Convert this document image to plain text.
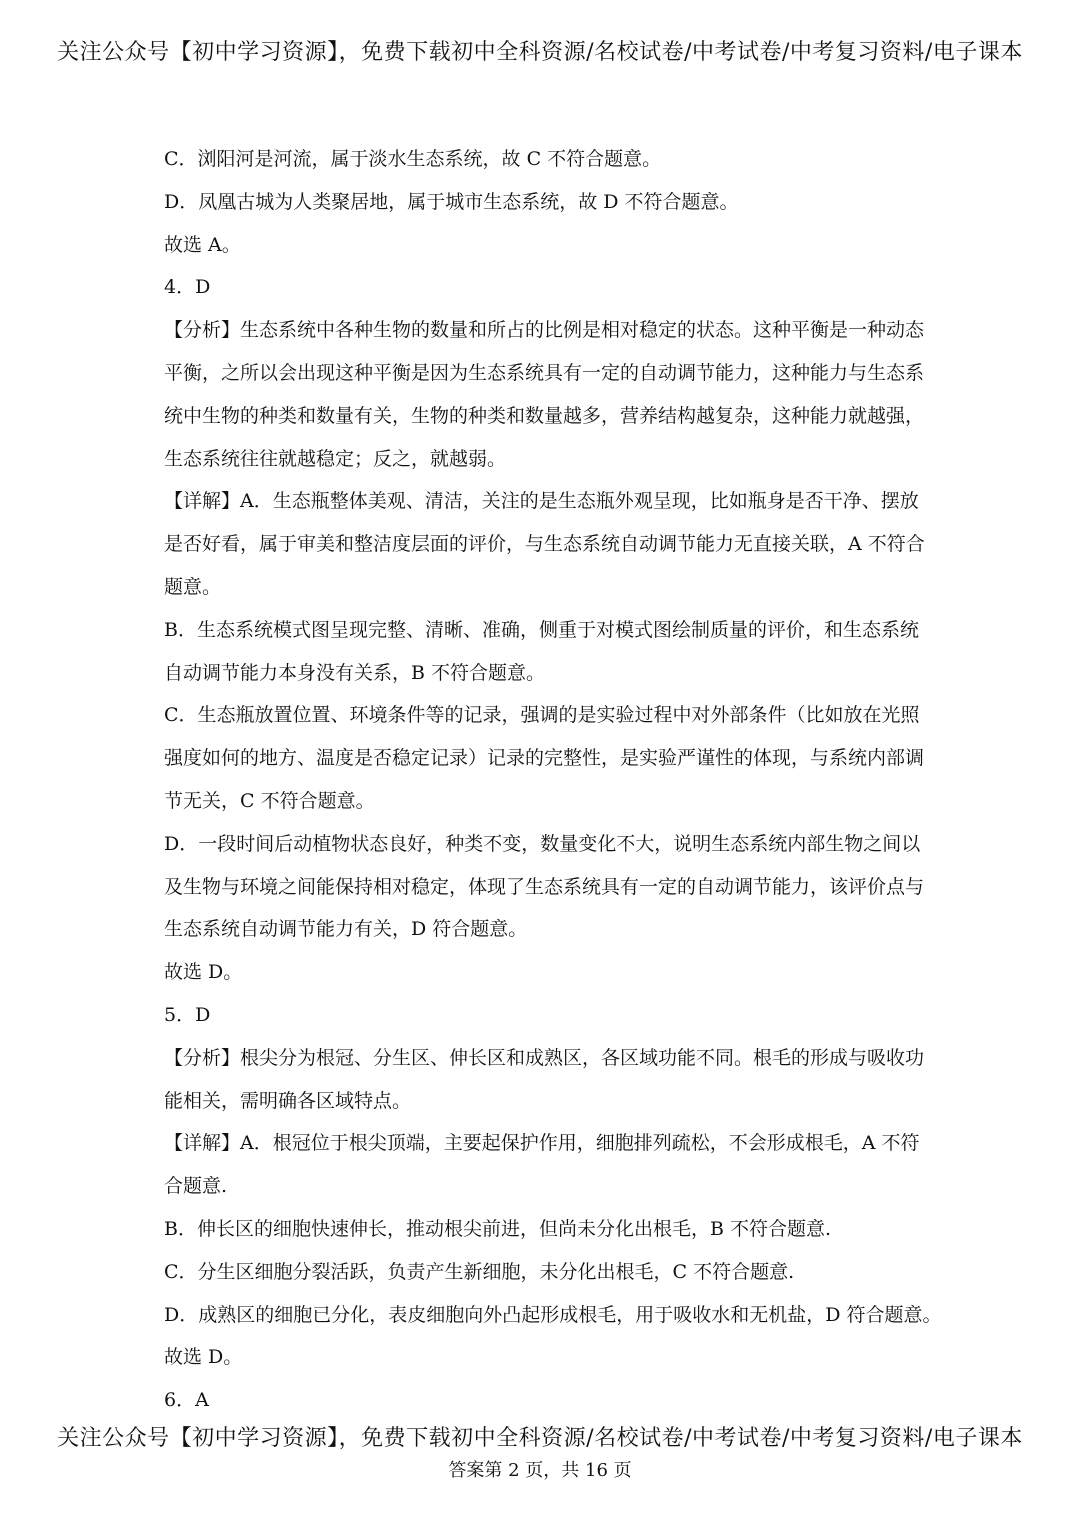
关注公众号【初中学习资源】，免费下载初中全科资源/名校试卷/中考试卷/中考复习资料/电子课本
C．浏阳河是河流，属于淡水生态系统，故 C 不符合题意。
D．凤凰古城为人类聚居地，属于城市生态系统，故 D 不符合题意。
故选 A。
4．D
【分析】生态系统中各种生物的数量和所占的比例是相对稳定的状态。这种平衡是一种动态
平衡，之所以会出现这种平衡是因为生态系统具有一定的自动调节能力，这种能力与生态系
统中生物的种类和数量有关，生物的种类和数量越多，营养结构越复杂，这种能力就越强，
生态系统往往就越稳定；反之，就越弱。
【详解】A．生态瓶整体美观、清洁，关注的是生态瓶外观呈现，比如瓶身是否干净、摆放
是否好看，属于审美和整洁度层面的评价，与生态系统自动调节能力无直接关联，A 不符合
题意。
B．生态系统模式图呈现完整、清晰、准确，侧重于对模式图绘制质量的评价，和生态系统
自动调节能力本身没有关系，B 不符合题意。
C．生态瓶放置位置、环境条件等的记录，强调的是实验过程中对外部条件（比如放在光照
强度如何的地方、温度是否稳定记录）记录的完整性，是实验严谨性的体现，与系统内部调
节无关，C 不符合题意。
D．一段时间后动植物状态良好，种类不变，数量变化不大，说明生态系统内部生物之间以
及生物与环境之间能保持相对稳定，体现了生态系统具有一定的自动调节能力，该评价点与
生态系统自动调节能力有关，D 符合题意。
故选 D。
5．D
【分析】根尖分为根冠、分生区、伸长区和成熟区，各区域功能不同。根毛的形成与吸收功
能相关，需明确各区域特点。
【详解】A．根冠位于根尖顶端，主要起保护作用，细胞排列疏松，不会形成根毛，A 不符
合题意.
B．伸长区的细胞快速伸长，推动根尖前进，但尚未分化出根毛，B 不符合题意.
C．分生区细胞分裂活跃，负责产生新细胞，未分化出根毛，C 不符合题意.
D．成熟区的细胞已分化，表皮细胞向外凸起形成根毛，用于吸收水和无机盐，D 符合题意。
故选 D。
6．A
关注公众号【初中学习资源】，免费下载初中全科资源/名校试卷/中考试卷/中考复习资料/电子课本
答案第 2 页，共 16 页
